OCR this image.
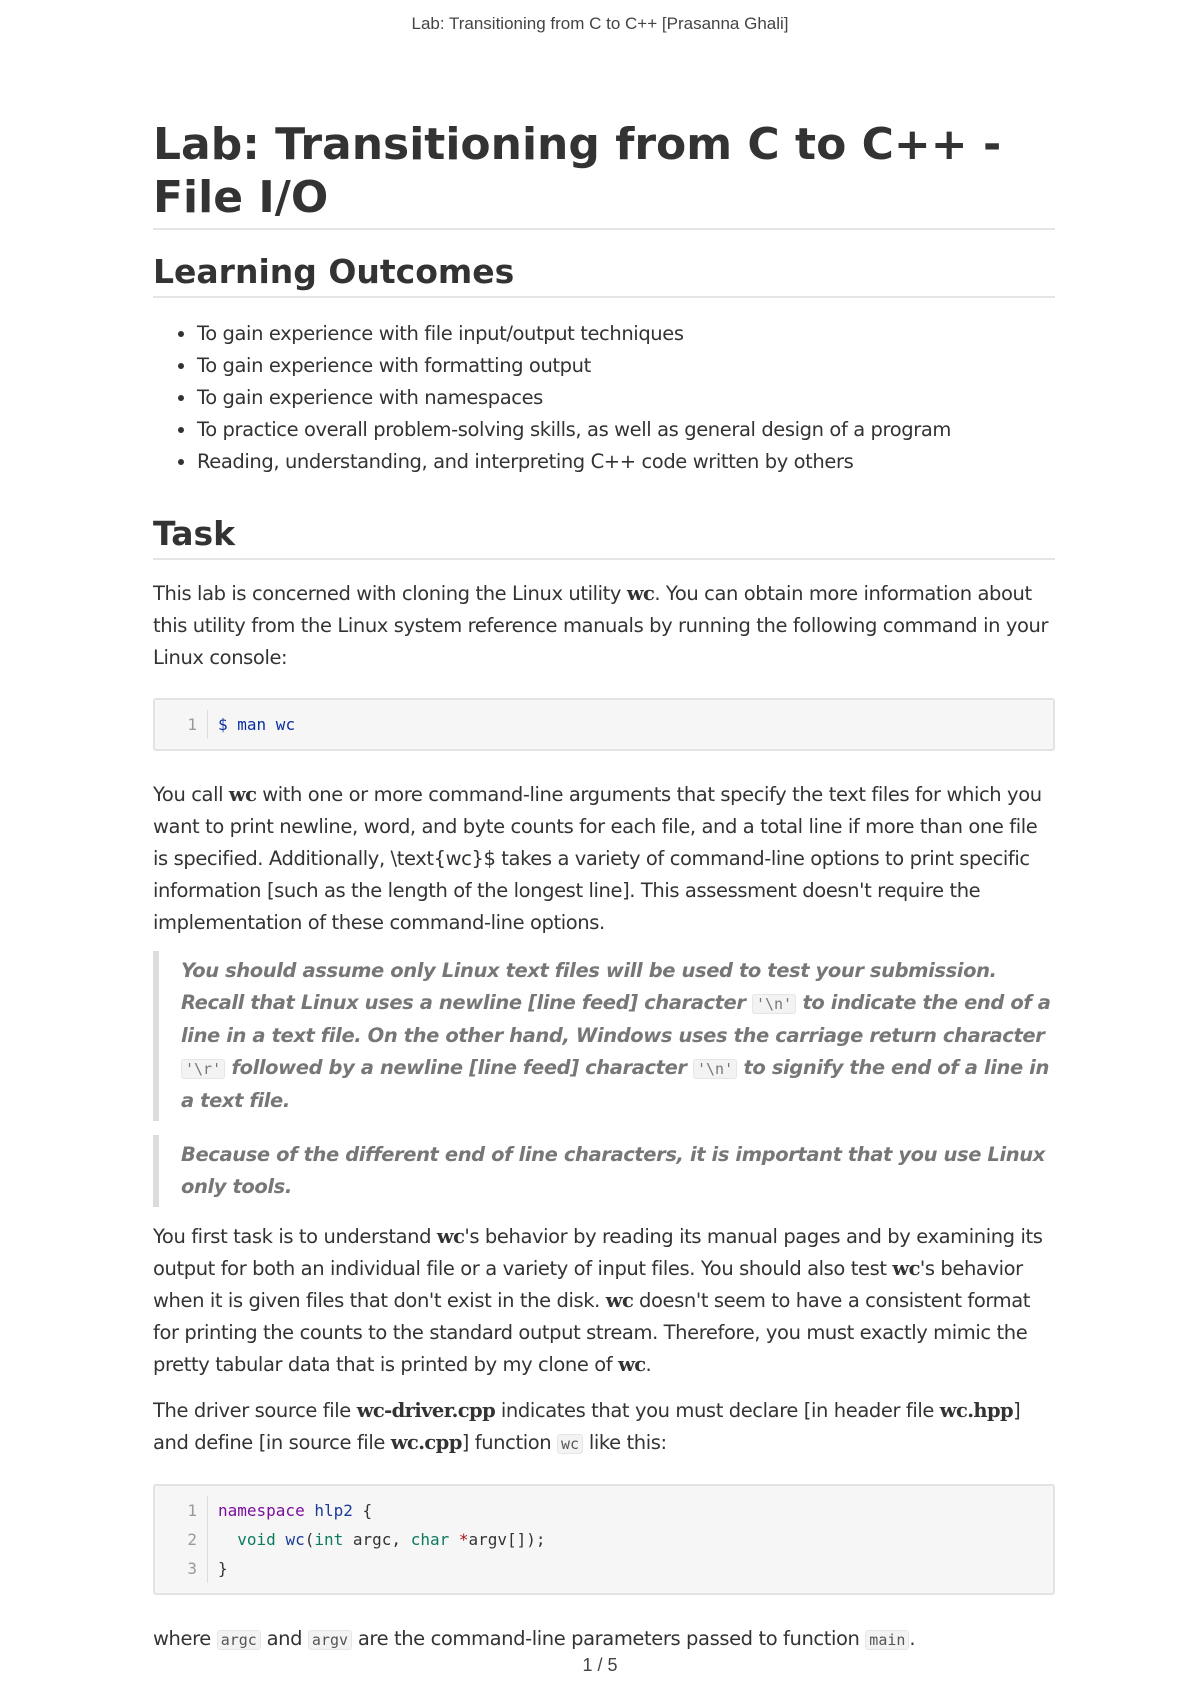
Lab: Transitioning from C to C++ [Prasanna Ghali]
Lab: Transitioning from C to C++ - File I/O
Learning Outcomes
• To gain experience with file input/output techniques
• To gain experience with formatting output
• To gain experience with namespaces
• To practice overall problem-solving skills, as well as general design of a program
• Reading, understanding, and interpreting C++ code written by others
Task

This lab is concerned with cloning the Linux utility wc. You can obtain more information about this utility from the Linux system reference manuals by running the following command in your Linux console:

1	$ man wc

You call wc with one or more command-line arguments that specify the text files for which you want to print newline, word, and byte counts for each file, and a total line if more than one file is specified. Additionally, \text{wc}$ takes a variety of command-line options to print specific information [such as the length of the longest line]. This assessment doesn't require the implementation of these command-line options.

You should assume only Linux text files will be used to test your submission. Recall that Linux uses a newline [line feed] character '\n' to indicate the end of a line in a text file. On the other hand, Windows uses the carriage return character '\r' followed by a newline [line feed] character '\n' to signify the end of a line in a text file.

Because of the different end of line characters, it is important that you use Linux only tools.

You first task is to understand wc's behavior by reading its manual pages and by examining its output for both an individual file or a variety of input files. You should also test wc's behavior when it is given files that don't exist in the disk. wc doesn't seem to have a consistent format for printing the counts to the standard output stream. Therefore, you must exactly mimic the pretty tabular data that is printed by my clone of wc.

The driver source file wc-driver.cpp indicates that you must declare [in header file wc.hpp] and define [in source file wc.cpp] function wc like this:

1	namespace hlp2 {
2	void wc(int argc, char *argv[]);
3	}

where argc and argv are the command-line parameters passed to function main .

1 / 5
